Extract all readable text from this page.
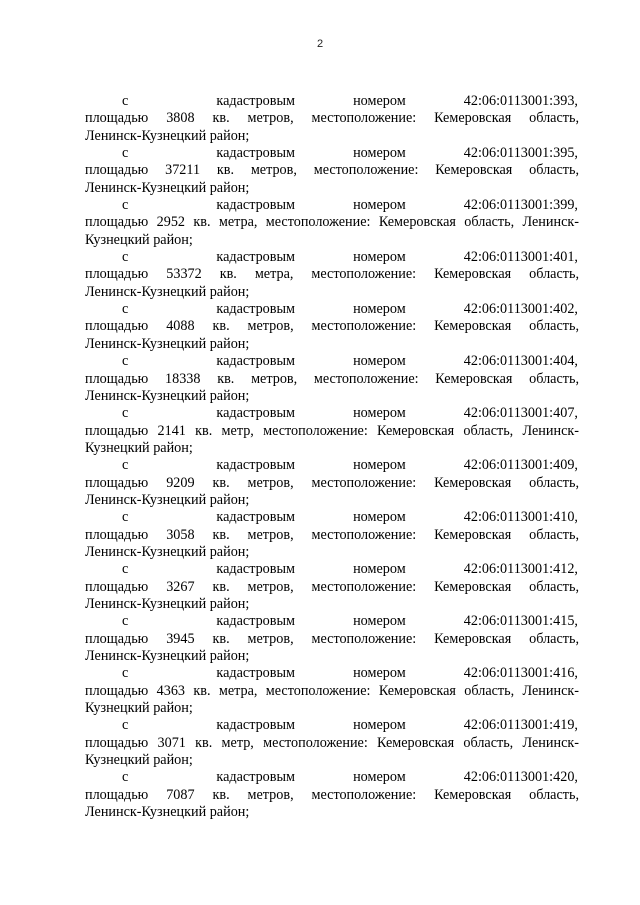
2
с	кадастровым	номером	42:06:0113001:393,
площадью 3808 кв. метров, местоположение: Кемеровская область,
Ленинск-Кузнецкий район;
с	кадастровым	номером	42:06:0113001:395,
площадью 37211 кв. метров, местоположение: Кемеровская область,
Ленинск-Кузнецкий район;
с	кадастровым	номером	42:06:0113001:399,
площадью 2952 кв. метра, местоположение: Кемеровская область, Ленинск-
Кузнецкий район;
с	кадастровым	номером	42:06:0113001:401,
площадью 53372 кв. метра, местоположение: Кемеровская область,
Ленинск-Кузнецкий район;
с	кадастровым	номером	42:06:0113001:402,
площадью 4088 кв. метров, местоположение: Кемеровская область,
Ленинск-Кузнецкий район;
с	кадастровым	номером	42:06:0113001:404,
площадью 18338 кв. метров, местоположение: Кемеровская область,
Ленинск-Кузнецкий район;
с	кадастровым	номером	42:06:0113001:407,
площадью 2141 кв. метр, местоположение: Кемеровская область, Ленинск-
Кузнецкий район;
с	кадастровым	номером	42:06:0113001:409,
площадью 9209 кв. метров, местоположение: Кемеровская область,
Ленинск-Кузнецкий район;
с	кадастровым	номером	42:06:0113001:410,
площадью 3058 кв. метров, местоположение: Кемеровская область,
Ленинск-Кузнецкий район;
с	кадастровым	номером	42:06:0113001:412,
площадью 3267 кв. метров, местоположение: Кемеровская область,
Ленинск-Кузнецкий район;
с	кадастровым	номером	42:06:0113001:415,
площадью 3945 кв. метров, местоположение: Кемеровская область,
Ленинск-Кузнецкий район;
с	кадастровым	номером	42:06:0113001:416,
площадью 4363 кв. метра, местоположение: Кемеровская область, Ленинск-
Кузнецкий район;
с	кадастровым	номером	42:06:0113001:419,
площадью 3071 кв. метр, местоположение: Кемеровская область, Ленинск-
Кузнецкий район;
с	кадастровым	номером	42:06:0113001:420,
площадью 7087 кв. метров, местоположение: Кемеровская область,
Ленинск-Кузнецкий район;
